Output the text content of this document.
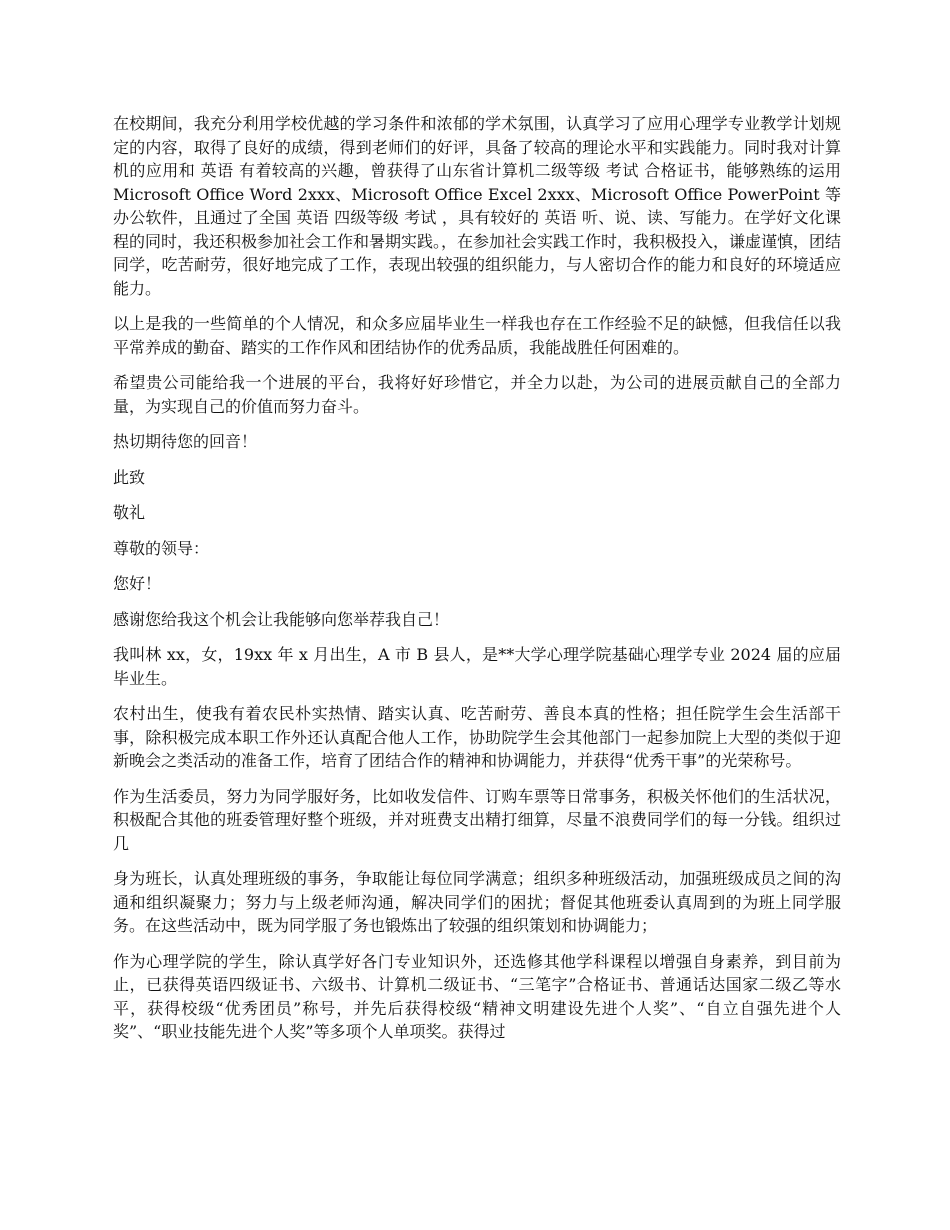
在校期间，我充分利用学校优越的学习条件和浓郁的学术氛围，认真学习了应用心理学专业教学计划规定的内容，取得了良好的成绩，得到老师们的好评，具备了较高的理论水平和实践能力。同时我对计算机的应用和 英语 有着较高的兴趣，曾获得了山东省计算机二级等级 考试 合格证书，能够熟练的运用 Microsoft Office Word 2xxx、Microsoft Office Excel 2xxx、Microsoft Office PowerPoint 等办公软件，且通过了全国 英语 四级等级 考试 ，具有较好的 英语 听、说、读、写能力。在学好文化课程的同时，我还积极参加社会工作和暑期实践。，在参加社会实践工作时，我积极投入，谦虚谨慎，团结同学，吃苦耐劳，很好地完成了工作，表现出较强的组织能力，与人密切合作的能力和良好的环境适应能力。

以上是我的一些简单的个人情况，和众多应届毕业生一样我也存在工作经验不足的缺憾，但我信任以我平常养成的勤奋、踏实的工作作风和团结协作的优秀品质，我能战胜任何困难的。

希望贵公司能给我一个进展的平台，我将好好珍惜它，并全力以赴，为公司的进展贡献自己的全部力量，为实现自己的价值而努力奋斗。

热切期待您的回音！

此致

敬礼

尊敬的领导：

您好！

感谢您给我这个机会让我能够向您举荐我自己！

我叫林 xx，女，19xx 年 x 月出生，A 市 B 县人，是**大学心理学院基础心理学专业 2024 届的应届毕业生。

农村出生，使我有着农民朴实热情、踏实认真、吃苦耐劳、善良本真的性格；担任院学生会生活部干事，除积极完成本职工作外还认真配合他人工作，协助院学生会其他部门一起参加院上大型的类似于迎新晚会之类活动的准备工作，培育了团结合作的精神和协调能力，并获得“优秀干事”的光荣称号。

作为生活委员，努力为同学服好务，比如收发信件、订购车票等日常事务，积极关怀他们的生活状况，积极配合其他的班委管理好整个班级，并对班费支出精打细算，尽量不浪费同学们的每一分钱。组织过几

身为班长，认真处理班级的事务，争取能让每位同学满意；组织多种班级活动，加强班级成员之间的沟通和组织凝聚力；努力与上级老师沟通，解决同学们的困扰；督促其他班委认真周到的为班上同学服务。在这些活动中，既为同学服了务也锻炼出了较强的组织策划和协调能力；

作为心理学院的学生，除认真学好各门专业知识外，还选修其他学科课程以增强自身素养，到目前为止，已获得英语四级证书、六级书、计算机二级证书、“三笔字”合格证书、普通话达国家二级乙等水平，获得校级“优秀团员”称号，并先后获得校级“精神文明建设先进个人奖”、“自立自强先进个人奖”、“职业技能先进个人奖”等多项个人单项奖。获得过
